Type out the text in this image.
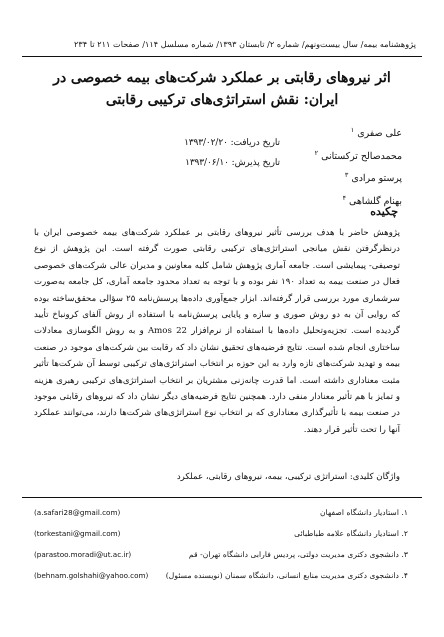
پژوهشنامه بیمه/ سال بیست‌ونهم/ شماره ۲/ تابستان ۱۳۹۳/ شماره مسلسل ۱۱۴/ صفحات ۲۱۱ تا ۲۳۴
اثر نیروهای رقابتی بر عملکرد شرکت‌های بیمه خصوصی در
ایران: نقش استراتژی‌های ترکیبی رقابتی
علی صفری $^۱$
محمدصالح ترکستانی $^۲$
پرستو مرادی $^۳$
بهنام گلشاهی $^۴$
تاریخ دریافت: ۱۳۹۳/۰۲/۲۰
تاریخ پذیرش: ۱۳۹۳/۰۶/۱۰
چکیده
پژوهش حاضر با هدف بررسی تأثیر نیروهای رقابتی بر عملکرد شرکت‌های بیمه خصوصی ایران با درنظرگرفتن نقش میانجی استراتژی‌های ترکیبی رقابتی صورت گرفته است. این پژوهش از نوع توصیفی- پیمایشی است. جامعه آماری پژوهش شامل کلیه معاونین و مدیران عالی شرکت‌های خصوصی فعال در صنعت بیمه به تعداد ۱۹۰ نفر بوده و با توجه به تعداد محدود جامعه آماری، کل جامعه به‌صورت سرشماری مورد بررسی قرار گرفته‌اند. ابزار جمع‌آوری داده‌ها پرسش‌نامه ۲۵ سؤالی محقق‌ساخته بوده که روایی آن به دو روش صوری و سازه و پایایی پرسش‌نامه با استفاده از روش آلفای کرونباخ تأیید گردیده است. تجزیه‌وتحلیل داده‌ها با استفاده از نرم‌افزار Amos 22 و به روش الگوسازی معادلات ساختاری انجام شده است. نتایج فرضیه‌های تحقیق نشان داد که رقابت بین شرکت‌های موجود در صنعت بیمه و تهدید شرکت‌های تازه وارد به این حوزه بر انتخاب استراتژی‌های ترکیبی توسط آن شرکت‌ها تأثیر مثبت معناداری داشته است. اما قدرت چانه‌زنی مشتریان بر انتخاب استراتژی‌های ترکیبی رهبری هزینه و تمایز با هم تأثیر معنادار منفی دارد. همچنین نتایج فرضیه‌های دیگر نشان داد که نیروهای رقابتی موجود در صنعت بیمه با تأثیرگذاری معناداری که بر انتخاب نوع استراتژی‌های شرکت‌ها دارند، می‌توانند عملکرد آنها را تحت تأثیر قرار دهند.
واژگان کلیدی: استراتژی ترکیبی، بیمه، نیروهای رقابتی، عملکرد
(a.safari28@gmail.com)	۱. استادیار دانشگاه اصفهان
(torkestani@gmail.com)	۲. استادیار دانشگاه علامه طباطبائی
(parastoo.moradi@ut.ac.ir)	۳. دانشجوی دکتری مدیریت دولتی، پردیس فارابی دانشگاه تهران- قم
(behnam.golshahi@yahoo.com) ۴. دانشجوی دکتری مدیریت منابع انسانی، دانشگاه سمنان (نویسنده مسئول)
